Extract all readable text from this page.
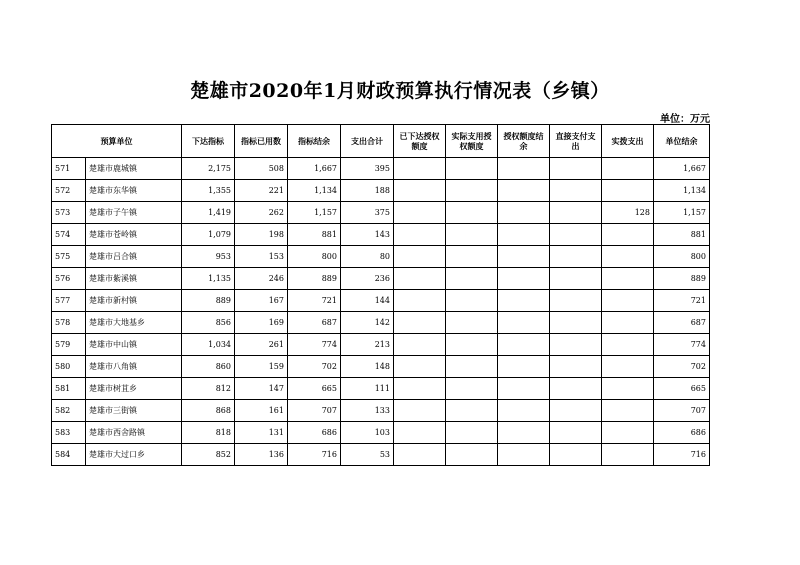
楚雄市2020年1月财政预算执行情况表（乡镇）
单位：万元
预算单位		下达指标	指标已用数	指标结余	支出合计	已下达授权额度	实际支用授权额度	授权额度结余	直接支付支出	实拨支出	单位结余
571	楚雄市鹿城镇	2,175	508	1,667	395						1,667
572	楚雄市东华镇	1,355	221	1,134	188						1,134
573	楚雄市子午镇	1,419	262	1,157	375					128	1,157
574	楚雄市苍岭镇	1,079	198	881	143						881
575	楚雄市吕合镇	953	153	800	80						800
576	楚雄市紫溪镇	1,135	246	889	236						889
577	楚雄市新村镇	889	167	721	144						721
578	楚雄市大地基乡	856	169	687	142						687
579	楚雄市中山镇	1,034	261	774	213						774
580	楚雄市八角镇	860	159	702	148						702
581	楚雄市树苴乡	812	147	665	111						665
582	楚雄市三街镇	868	161	707	133						707
583	楚雄市西舍路镇	818	131	686	103						686
584	楚雄市大过口乡	852	136	716	53						716
